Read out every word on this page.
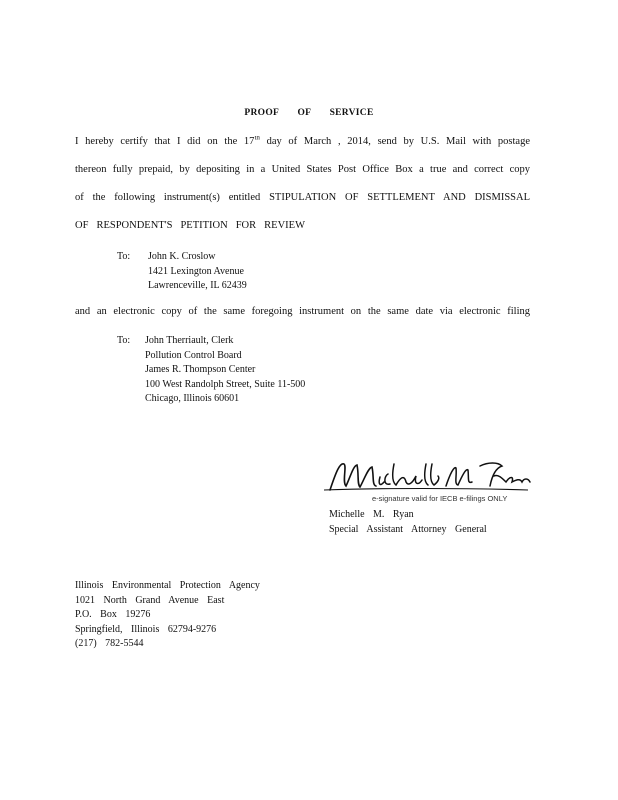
PROOF OF SERVICE
I hereby certify that I did on the 17th day of March , 2014, send by U.S. Mail with postage
thereon fully prepaid, by depositing in a United States Post Office Box a true and correct copy
of the following instrument(s) entitled STIPULATION OF SETTLEMENT AND DISMISSAL
OF RESPONDENT'S PETITION FOR REVIEW
To: John K. Croslow
1421 Lexington Avenue
Lawrenceville, IL 62439
and an electronic copy of the same foregoing instrument on the same date via electronic filing
To: John Therriault, Clerk
Pollution Control Board
James R. Thompson Center
100 West Randolph Street, Suite 11-500
Chicago, Illinois 60601
e-signature valid for IECB e-filings ONLY
Michelle M. Ryan
Special Assistant Attorney General
Illinois Environmental Protection Agency
1021 North Grand Avenue East
P.O. Box 19276
Springfield, Illinois 62794-9276
(217) 782-5544
